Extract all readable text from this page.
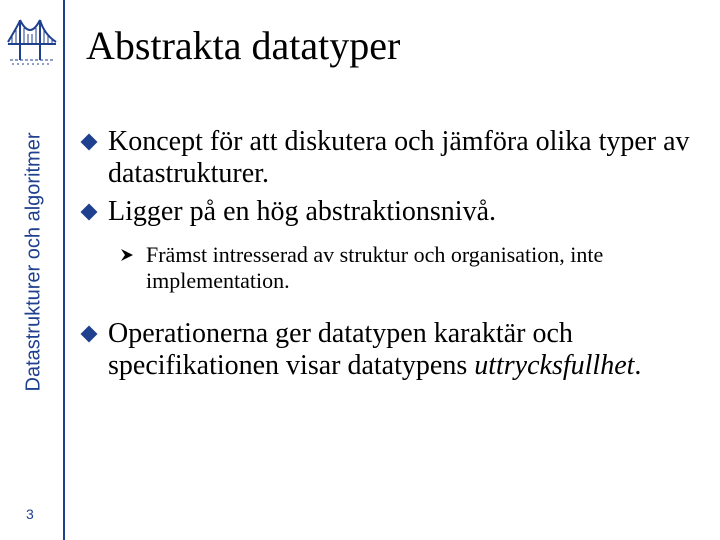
Datastrukturer och algoritmer
3
Abstrakta datatyper
Koncept för att diskutera och jämföra olika typer av datastrukturer.
Ligger på en hög abstraktionsnivå.
Främst intresserad av struktur och organisation, inte implementation.
Operationerna ger datatypen karaktär och specifikationen visar datatypens uttrycksfullhet.
